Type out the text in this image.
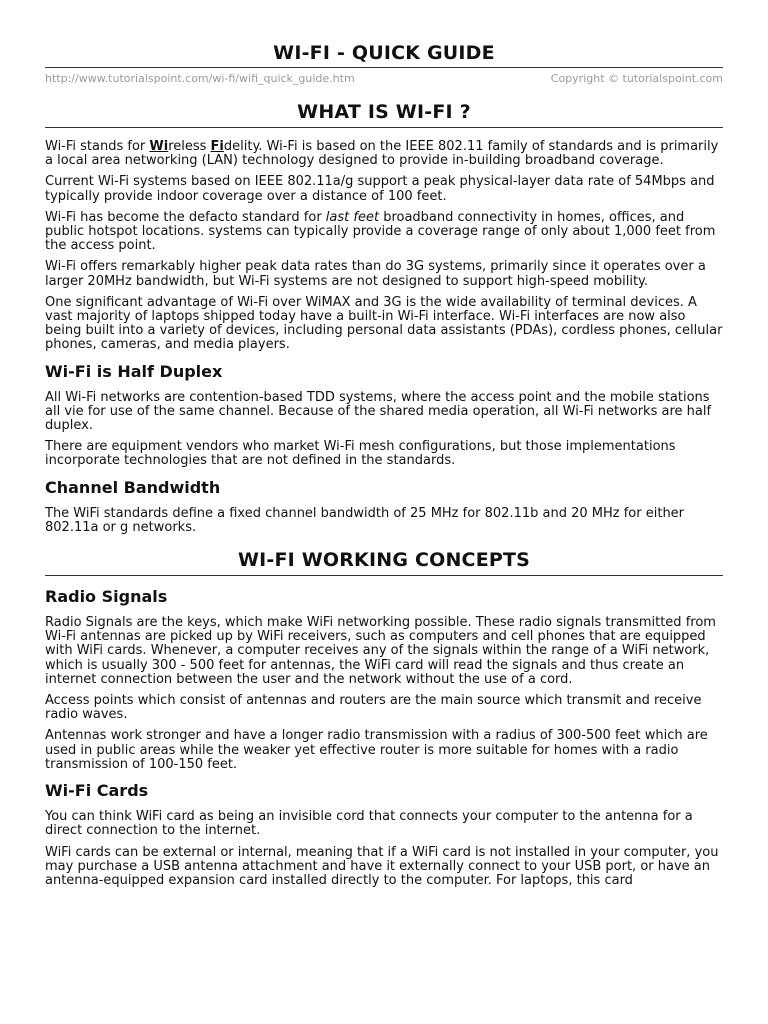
WI-FI - QUICK GUIDE
http://www.tutorialspoint.com/wi-fi/wifi_quick_guide.htm	Copyright © tutorialspoint.com
WHAT IS WI-FI ?

Wi-Fi stands for Wireless Fidelity. Wi-Fi is based on the IEEE 802.11 family of standards and is primarily a local area networking (LAN) technology designed to provide in-building broadband coverage.

Current Wi-Fi systems based on IEEE 802.11a/g support a peak physical-layer data rate of 54Mbps and typically provide indoor coverage over a distance of 100 feet.

Wi-Fi has become the defacto standard for last feet broadband connectivity in homes, offices, and public hotspot locations. systems can typically provide a coverage range of only about 1,000 feet from the access point.

Wi-Fi offers remarkably higher peak data rates than do 3G systems, primarily since it operates over a larger 20MHz bandwidth, but Wi-Fi systems are not designed to support high-speed mobility.

One significant advantage of Wi-Fi over WiMAX and 3G is the wide availability of terminal devices. A vast majority of laptops shipped today have a built-in Wi-Fi interface. Wi-Fi interfaces are now also being built into a variety of devices, including personal data assistants (PDAs), cordless phones, cellular phones, cameras, and media players.

Wi-Fi is Half Duplex

All Wi-Fi networks are contention-based TDD systems, where the access point and the mobile stations all vie for use of the same channel. Because of the shared media operation, all Wi-Fi networks are half duplex.

There are equipment vendors who market Wi-Fi mesh configurations, but those implementations incorporate technologies that are not defined in the standards.

Channel Bandwidth

The WiFi standards define a fixed channel bandwidth of 25 MHz for 802.11b and 20 MHz for either 802.11a or g networks.

WI-FI WORKING CONCEPTS
Radio Signals

Radio Signals are the keys, which make WiFi networking possible. These radio signals transmitted from Wi-Fi antennas are picked up by WiFi receivers, such as computers and cell phones that are equipped with WiFi cards. Whenever, a computer receives any of the signals within the range of a WiFi network, which is usually 300 - 500 feet for antennas, the WiFi card will read the signals and thus create an internet connection between the user and the network without the use of a cord.

Access points which consist of antennas and routers are the main source which transmit and receive radio waves.

Antennas work stronger and have a longer radio transmission with a radius of 300-500 feet which are used in public areas while the weaker yet effective router is more suitable for homes with a radio transmission of 100-150 feet.

Wi-Fi Cards

You can think WiFi card as being an invisible cord that connects your computer to the antenna for a direct connection to the internet.

WiFi cards can be external or internal, meaning that if a WiFi card is not installed in your computer, you may purchase a USB antenna attachment and have it externally connect to your USB port, or have an antenna-equipped expansion card installed directly to the computer. For laptops, this card
